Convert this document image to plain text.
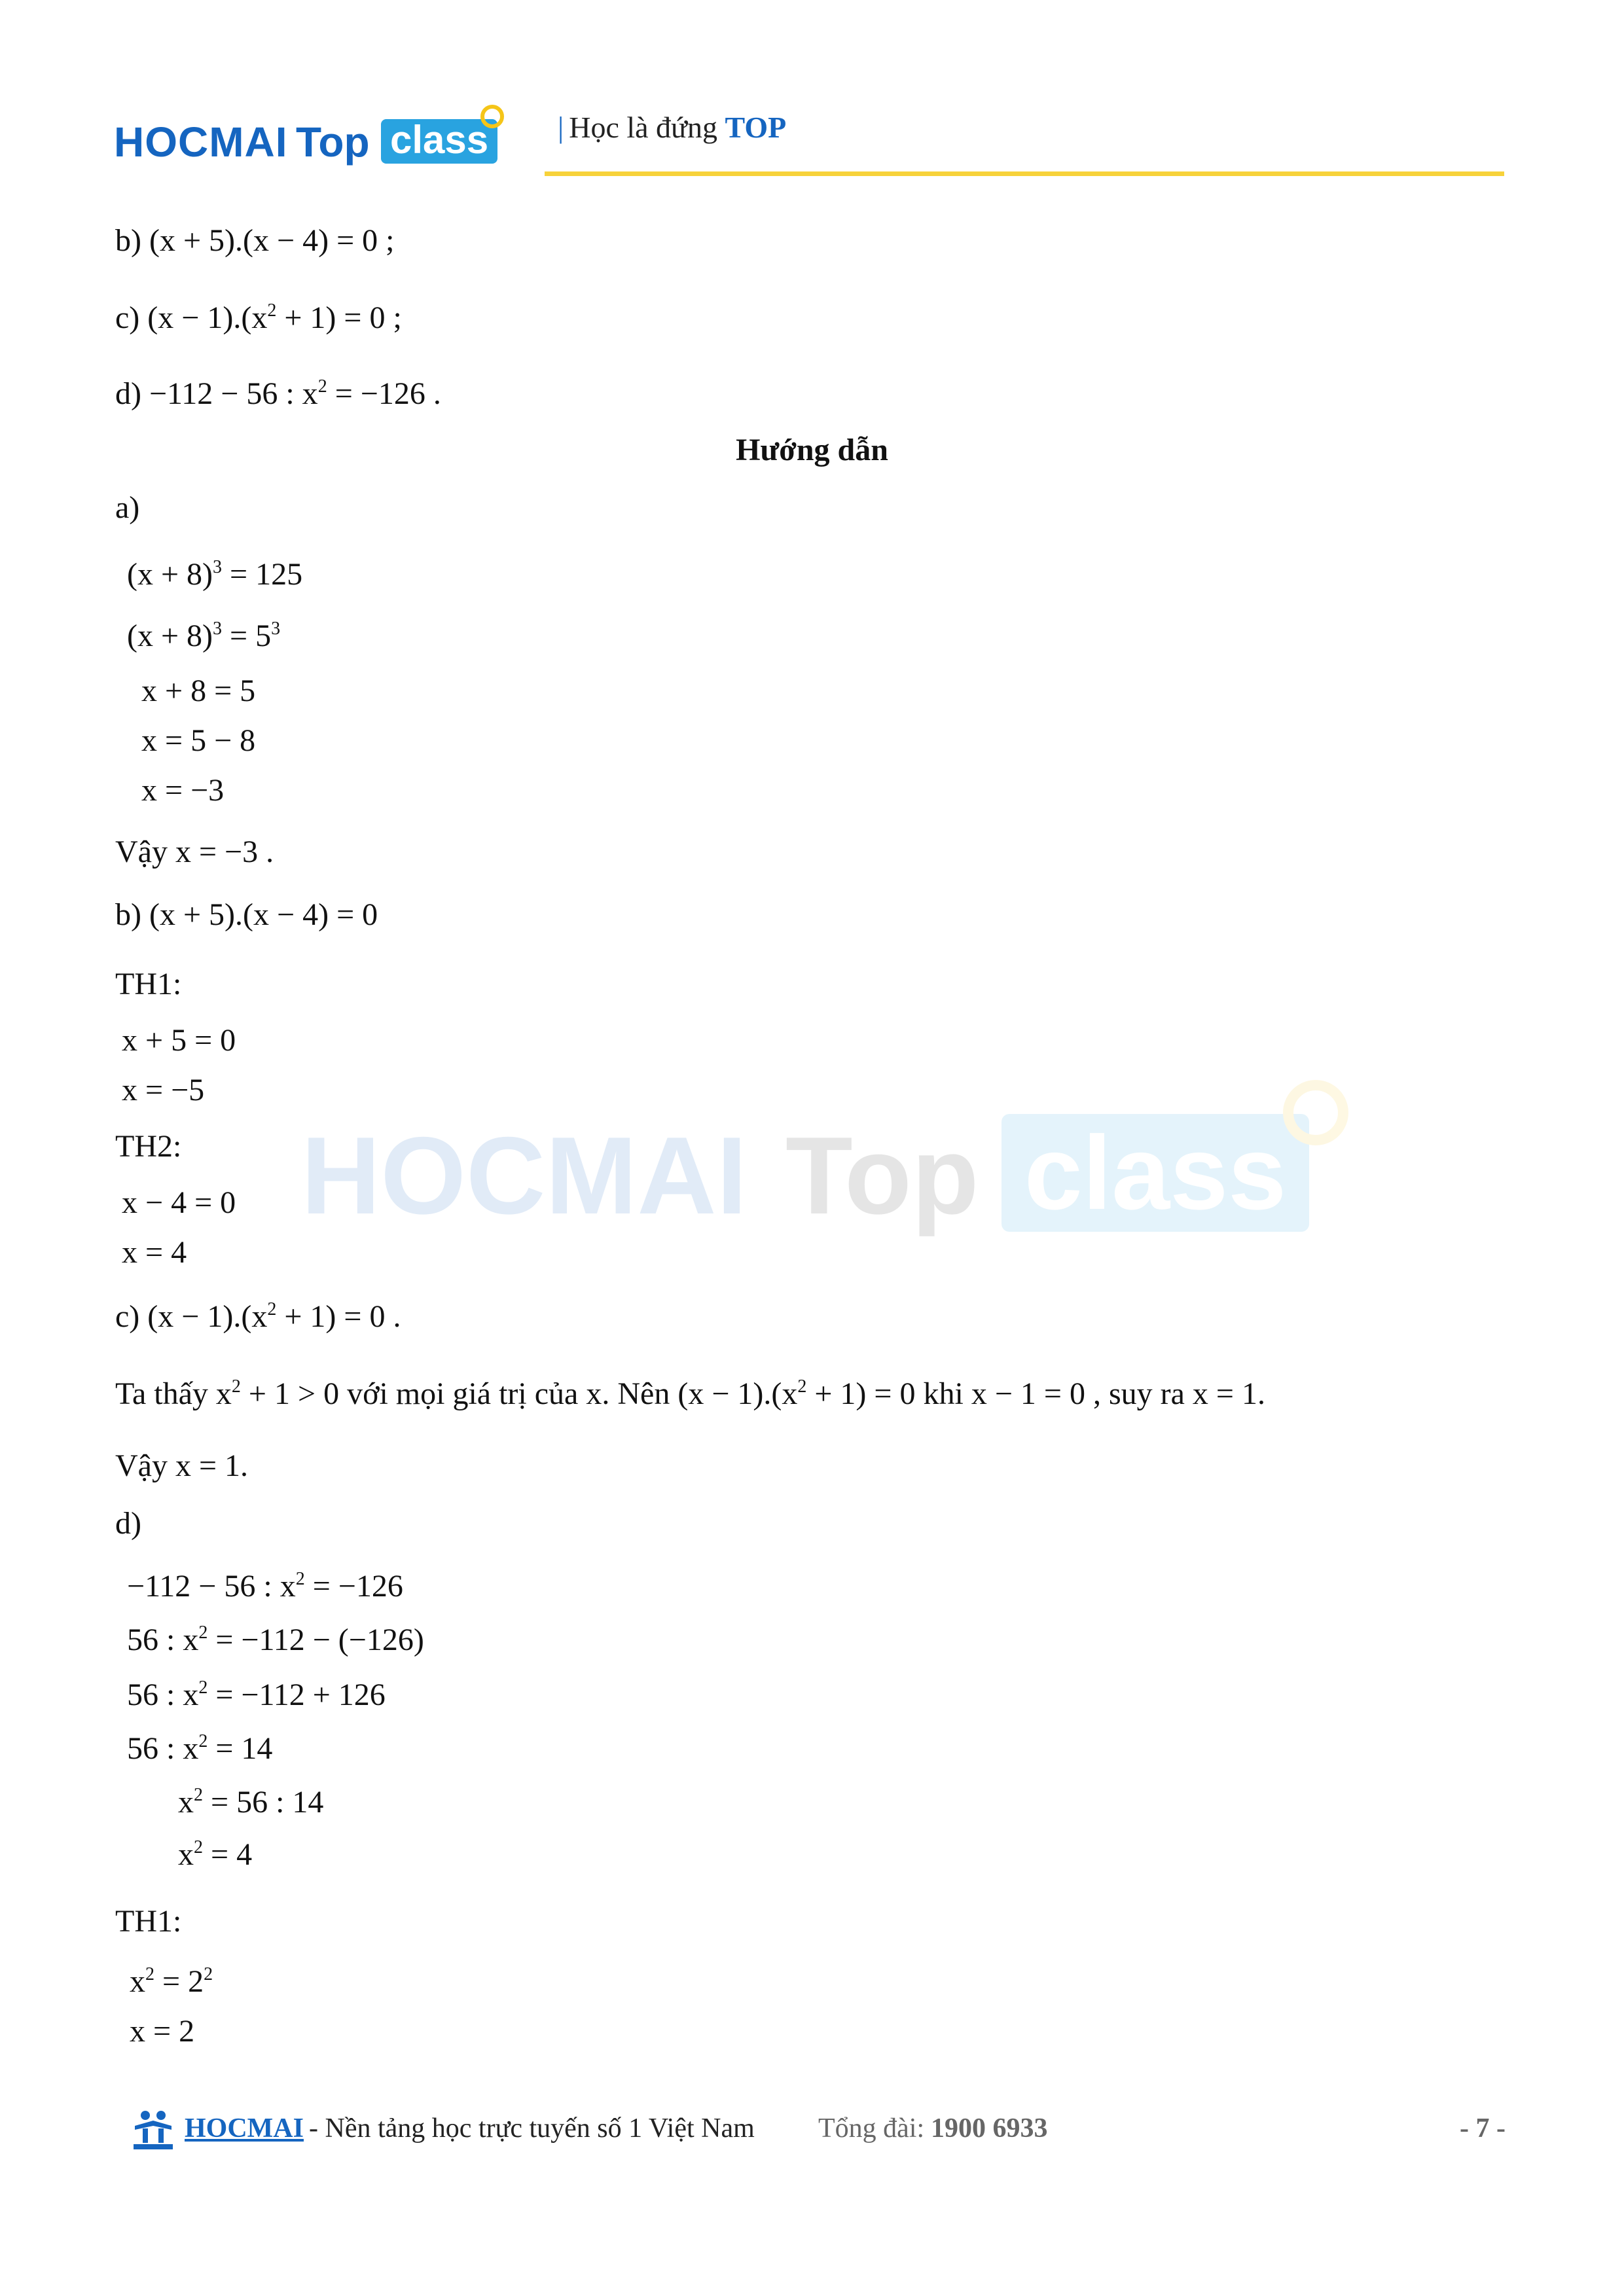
HOCMAI Top class	| Học là đứng TOP
HOCMAI Top class
b) (x + 5).(x − 4) = 0 ;
c) $(x - 1).(x^2 + 1) = 0$ ;
d) −112 − 56 : $x^2 = -126$ .
Hướng dẫn
a)
$(x + 8)^3 = 125$
$(x + 8)^3 = 5^3$
x + 8 = 5
x = 5 − 8
x = −3
Vậy x = −3 .
b) (x + 5).(x − 4) = 0
TH1:
x + 5 = 0
x = −5
TH2:
x − 4 = 0
x = 4
c) $(x - 1).(x^2 + 1) = 0$ .
Ta thấy $x^2 + 1 > 0$ với mọi giá trị của x. Nên $(x - 1).(x^2 + 1) = 0$ khi x − 1 = 0 , suy ra x = 1.
Vậy x = 1.
d)
−112 − 56 : $x^2 = -126$
56 : $x^2 = -112 - (-126)$
56 : $x^2 = -112 + 126$
56 : $x^2 = 14$
$x^2 = 56$ : 14
$x^2 = 4$
TH1:
$x^2 = 2^2$
x = 2
HOCMAI - Nền tảng học trực tuyến số 1 Việt Nam Tổng đài: 1900 6933	- 7 -
